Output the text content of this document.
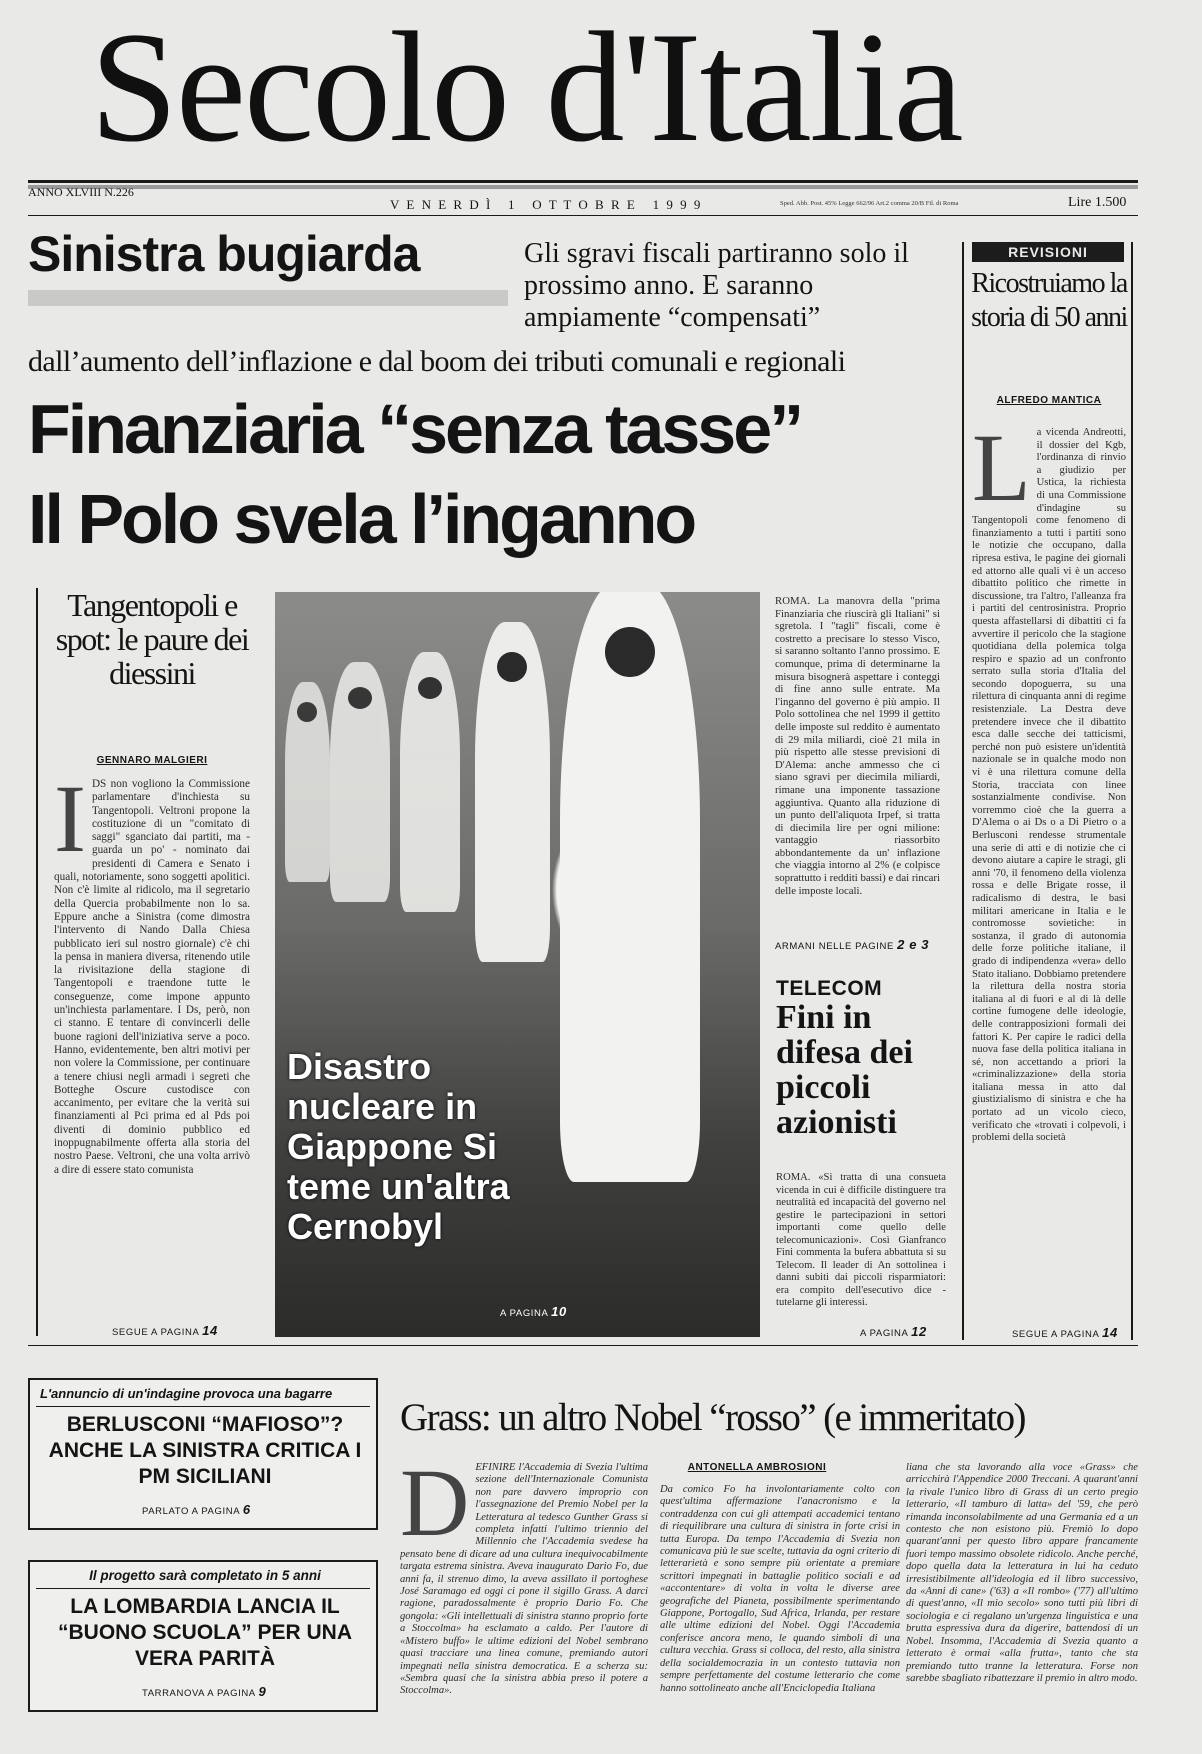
Secolo d'Italia
ANNO XLVIII N.226
V E N E R D Ì   1   O T T O B R E   1 9 9 9	Sped. Abb. Post. 45% Legge 662/96 Art.2 comma 20/B Fil. di Roma	Lire 1.500
Sinistra bugiarda	Gli sgravi fiscali partiranno solo il prossimo anno. E saranno ampiamente “compensati”
dall’aumento dell’inflazione e dal boom dei tributi comunali e regionali
Finanziaria “senza tasse”
Il Polo svela l’inganno
Tangentopoli e spot: le paure dei diessini
GENNARO MALGIERI
I DS non vogliono la Commissione parlamentare d'inchiesta su Tangentopoli. Veltroni propone la costituzione di un "comitato di saggi" sganciato dai partiti, ma - guarda un po' - nominato dai presidenti di Camera e Senato i quali, notoriamente, sono soggetti apolitici. Non c'è limite al ridicolo, ma il segretario della Quercia probabilmente non lo sa. Eppure anche a Sinistra (come dimostra l'intervento di Nando Dalla Chiesa pubblicato ieri sul nostro giornale) c'è chi la pensa in maniera diversa, ritenendo utile la rivisitazione della stagione di Tangentopoli e traendone tutte le conseguenze, come impone appunto un'inchiesta parlamentare. I Ds, però, non ci stanno. E tentare di convincerli delle buone ragioni dell'iniziativa serve a poco. Hanno, evidentemente, ben altri motivi per non volere la Commissione, per continuare a tenere chiusi negli armadi i segreti che Botteghe Oscure custodisce con accanimento, per evitare che la verità sui finanziamenti al Pci prima ed al Pds poi diventi di dominio pubblico ed inoppugnabilmente offerta alla storia del nostro Paese. Veltroni, che una volta arrivò a dire di essere stato comunista
SEGUE A PAGINA 14
Disastro nucleare in Giappone Si teme un'altra Cernobyl
A PAGINA 10
ROMA. La manovra della "prima Finanziaria che riuscirà gli Italiani" si sgretola. I "tagli" fiscali, come è costretto a precisare lo stesso Visco, si saranno soltanto l'anno prossimo. E comunque, prima di determinarne la misura bisognerà aspettare i conteggi di fine anno sulle entrate. Ma l'inganno del governo è più ampio. Il Polo sottolinea che nel 1999 il gettito delle imposte sul reddito è aumentato di 29 mila miliardi, cioè 21 mila in più rispetto alle stesse previsioni di D'Alema: anche ammesso che ci siano sgravi per diecimila miliardi, rimane una imponente tassazione aggiuntiva. Quanto alla riduzione di un punto dell'aliquota Irpef, si tratta di diecimila lire per ogni milione: vantaggio riassorbito abbondantemente da un' inflazione che viaggia intorno al 2% (e colpisce soprattutto i redditi bassi) e dai rincari delle imposte locali.
ARMANI NELLE PAGINE 2 e 3
TELECOM
Fini in difesa dei piccoli azionisti
ROMA. «Si tratta di una consueta vicenda in cui è difficile distinguere tra neutralità ed incapacità del governo nel gestire le partecipazioni in settori importanti come quello delle telecomunicazioni». Così Gianfranco Fini commenta la bufera abbattuta si su Telecom. Il leader di An sottolinea i danni subiti dai piccoli risparmiatori: era compito dell'esecutivo dice - tutelarne gli interessi.
A PAGINA 12
REVISIONI
Ricostruiamo la storia di 50 anni
ALFREDO MANTICA
L a vicenda Andreotti, il dossier del Kgb, l'ordinanza di rinvio a giudizio per Ustica, la richiesta di una Commissione d'indagine su Tangentopoli come fenomeno di finanziamento a tutti i partiti sono le notizie che occupano, dalla ripresa estiva, le pagine dei giornali ed attorno alle quali vi è un acceso dibattito politico che rimette in discussione, tra l'altro, l'alleanza fra i partiti del centrosinistra. Proprio questa affastellarsi di dibattiti ci fa avvertire il pericolo che la stagione quotidiana della polemica tolga respiro e spazio ad un confronto serrato sulla storia d'Italia del secondo dopoguerra, su una rilettura di cinquanta anni di regime resistenziale. La Destra deve pretendere invece che il dibattito esca dalle secche dei tatticismi, perché non può esistere un'identità nazionale se in qualche modo non vi è una rilettura comune della Storia, tracciata con linee sostanzialmente condivise. Non vorremmo cioè che la guerra a D'Alema o ai Ds o a Di Pietro o a Berlusconi rendesse strumentale una serie di atti e di notizie che ci devono aiutare a capire le stragi, gli anni '70, il fenomeno della violenza rossa e delle Brigate rosse, il radicalismo di destra, le basi militari americane in Italia e le contromosse sovietiche: in sostanza, il grado di autonomia delle forze politiche italiane, il grado di indipendenza «vera» dello Stato italiano. Dobbiamo pretendere la rilettura della nostra storia italiana al di fuori e al di là delle cortine fumogene delle ideologie, delle contrapposizioni formali dei fattori K. Per capire le radici della nuova fase della politica italiana in sé, non accettando a priori la «criminalizzazione» della storia italiana messa in atto dal giustizialismo di sinistra e che ha portato ad un vicolo cieco, verificato che «trovati i colpevoli, i problemi della società
SEGUE A PAGINA 14
L'annuncio di un'indagine provoca una bagarre
BERLUSCONI “MAFIOSO”? ANCHE LA SINISTRA CRITICA I PM SICILIANI
PARLATO A PAGINA 6
Il progetto sarà completato in 5 anni
LA LOMBARDIA LANCIA IL “BUONO SCUOLA” PER UNA VERA PARITÀ
TARRANOVA A PAGINA 9
Grass: un altro Nobel “rosso” (e immeritato)
ANTONELLA AMBROSIONI
D EFINIRE l'Accademia di Svezia l'ultima sezione dell'Internazionale Comunista non pare davvero improprio con l'assegnazione del Premio Nobel per la Letteratura al tedesco Gunther Grass si completa infatti l'ultimo triennio del Millennio che l'Accademia svedese ha pensato bene di dicare ad una cultura inequivocabilmente targata estrema sinistra. Aveva inaugurato Dario Fo, due anni fa, il strenuo dimo, la aveva assillato il portoghese José Saramago ed oggi ci pone il sigillo Grass. A darci ragione, paradossalmente è proprio Dario Fo. Che gongola: «Gli intellettuali di sinistra stanno proprio forte a Stoccolma» ha esclamato a caldo. Per l'autore di «Mistero buffo» le ultime edizioni del Nobel sembrano quasi tracciare una linea comune, premiando autori impegnati nella sinistra democratica. E a scherza su: «Sembra quasi che la sinistra abbia preso il potere a Stoccolma».
Da comico Fo ha involontariamente colto con quest'ultima affermazione l'anacronismo e la contraddenza con cui gli attempati accademici tentano di riequilibrare una cultura di sinistra in forte crisi in tutta Europa. Da tempo l'Accademia di Svezia non comunicava più le sue scelte, tuttavia da ogni criterio di letterarietà e sono sempre più orientate a premiare scrittori impegnati in battaglie politico sociali e ad «accontentare» di volta in volta le diverse aree geografiche del Pianeta, possibilmente sperimentando Giappone, Portogallo, Sud Africa, Irlanda, per restare alle ultime edizioni del Nobel. Oggi l'Accademia conferisce ancora meno, le quando simboli di una cultura vecchia. Grass si colloca, del resto, alla sinistra della socialdemocrazia in un contesto tuttavia non sempre perfettamente del costume letterario che come hanno sottolineato anche all'Enciclopedia Italiana
liana che sta lavorando alla voce «Grass» che arricchirà l'Appendice 2000 Treccani. A quarant'anni la rivale l'unico libro di Grass di un certo pregio letterario, «Il tamburo di latta» del '59, che però rimanda inconsolabilmente ad una Germania ed a un contesto che non esistono più. Fremiò lo dopo quarant'anni per questo libro appare francamente fuori tempo massimo obsolete ridicolo. Anche perché, dopo quella data la letteratura in lui ha ceduto irresistibilmente all'ideologia ed il libro successivo, da «Anni di cane» ('63) a «Il rombo» ('77) all'ultimo di quest'anno, «Il mio secolo» sono tutti più libri di sociologia e ci regalano un'urgenza linguistica e una brutta espressiva dura da digerire, battendosi di un Nobel. Insomma, l'Accademia di Svezia quanto a letterato è ormai «alla frutta», tanto che sta premiando tutto tranne la letteratura. Forse non sarebbe sbagliato ribattezzare il premio in altro modo.
